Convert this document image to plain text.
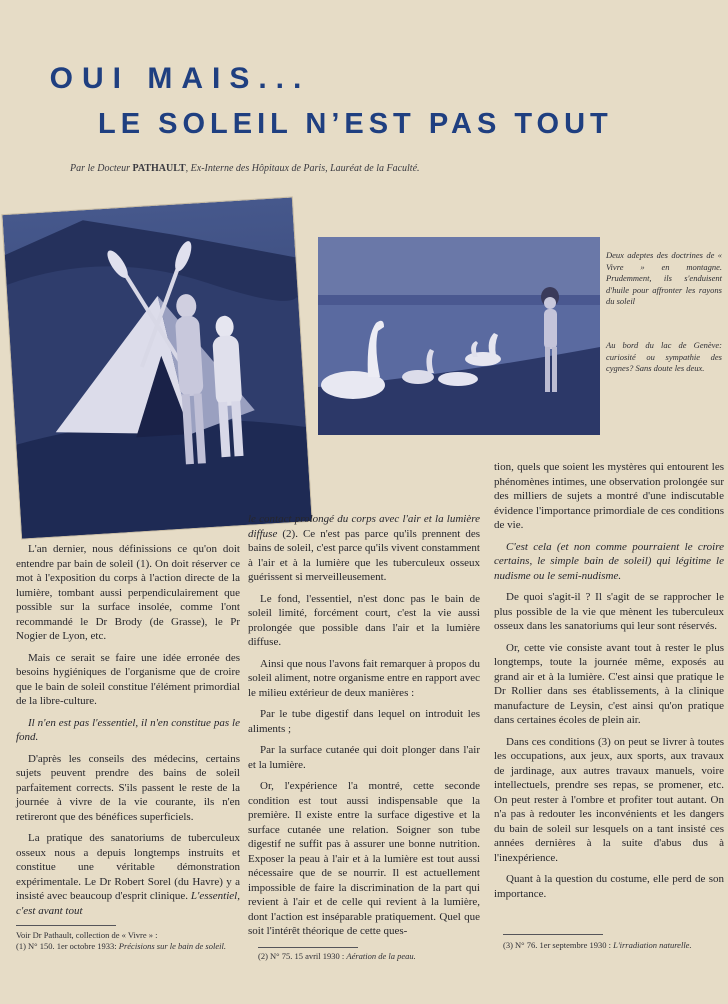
OUI MAIS...
LE SOLEIL N’EST PAS TOUT
Par le Docteur PATHAULT, Ex-Interne des Hôpitaux de Paris, Lauréat de la Faculté.
Deux adeptes des doctrines de « Vivre » en montagne. Prudemment, ils s'enduisent d'huile pour affronter les rayons du soleil
Au bord du lac de Genève: curiosité ou sympathie des cygnes? Sans doute les deux.

L'an dernier, nous définissions ce qu'on doit entendre par bain de soleil (1). On doit réserver ce mot à l'exposition du corps à l'action directe de la lumière, tombant aussi perpendiculairement que possible sur la surface insolée, comme l'ont recommandé le Dr Brody (de Grasse), le Pr Nogier de Lyon, etc.

Mais ce serait se faire une idée erronée des besoins hygiéniques de l'organisme que de croire que le bain de soleil constitue l'élément primordial de la libre-culture.

Il n'en est pas l'essentiel, il n'en constitue pas le fond.

D'après les conseils des médecins, certains sujets peuvent prendre des bains de soleil parfaitement corrects. S'ils passent le reste de la journée à vivre de la vie courante, ils n'en retireront que des bénéfices superficiels.

La pratique des sanatoriums de tuberculeux osseux nous a depuis longtemps instruits et constitue une véritable démonstration expérimentale. Le Dr Robert Sorel (du Havre) y a insisté avec beaucoup d'esprit clinique. L'essentiel, c'est avant tout

le contact prolongé du corps avec l'air et la lumière diffuse (2). Ce n'est pas parce qu'ils prennent des bains de soleil, c'est parce qu'ils vivent constamment à l'air et à la lumière que les tuberculeux osseux guérissent si merveilleusement.

Le fond, l'essentiel, n'est donc pas le bain de soleil limité, forcément court, c'est la vie aussi prolongée que possible dans l'air et la lumière diffuse.

Ainsi que nous l'avons fait remarquer à propos du soleil aliment, notre organisme entre en rapport avec le milieu extérieur de deux manières :

Par le tube digestif dans lequel on introduit les aliments ;

Par la surface cutanée qui doit plonger dans l'air et la lumière.

Or, l'expérience l'a montré, cette seconde condition est tout aussi indispensable que la première. Il existe entre la surface digestive et la surface cutanée une relation. Soigner son tube digestif ne suffit pas à assurer une bonne nutrition. Exposer la peau à l'air et à la lumière est tout aussi nécessaire que de se nourrir. Il est actuellement impossible de faire la discrimination de la part qui revient à l'air et de celle qui revient à la lumière, dont l'action est inséparable pratiquement. Quel que soit l'intérêt théorique de cette ques-

tion, quels que soient les mystères qui entourent les phénomènes intimes, une observation prolongée sur des milliers de sujets a montré d'une indiscutable évidence l'importance primordiale de ces conditions de vie.

C'est cela (et non comme pourraient le croire certains, le simple bain de soleil) qui légitime le nudisme ou le semi-nudisme.

De quoi s'agit-il ? Il s'agit de se rapprocher le plus possible de la vie que mènent les tuberculeux osseux dans les sanatoriums qui leur sont réservés.

Or, cette vie consiste avant tout à rester le plus longtemps, toute la journée même, exposés au grand air et à la lumière. C'est ainsi que pratique le Dr Rollier dans ses établissements, à la clinique manufacture de Leysin, c'est ainsi qu'on pratique dans certaines écoles de plein air.

Dans ces conditions (3) on peut se livrer à toutes les occupations, aux jeux, aux sports, aux travaux de jardinage, aux autres travaux manuels, voire intellectuels, prendre ses repas, se promener, etc. On peut rester à l'ombre et profiter tout autant. On n'a pas à redouter les inconvénients et les dangers du bain de soleil sur lesquels on a tant insisté ces années dernières à la suite d'abus dus à l'inexpérience.

Quant à la question du costume, elle perd de son importance.

Voir Dr Pathault, collection de « Vivre » :
(1) N° 150. 1er octobre 1933: Précisions sur le bain de soleil.
(2) N° 75. 15 avril 1930 : Aération de la peau.
(3) N° 76. 1er septembre 1930 : L'irradiation naturelle.
